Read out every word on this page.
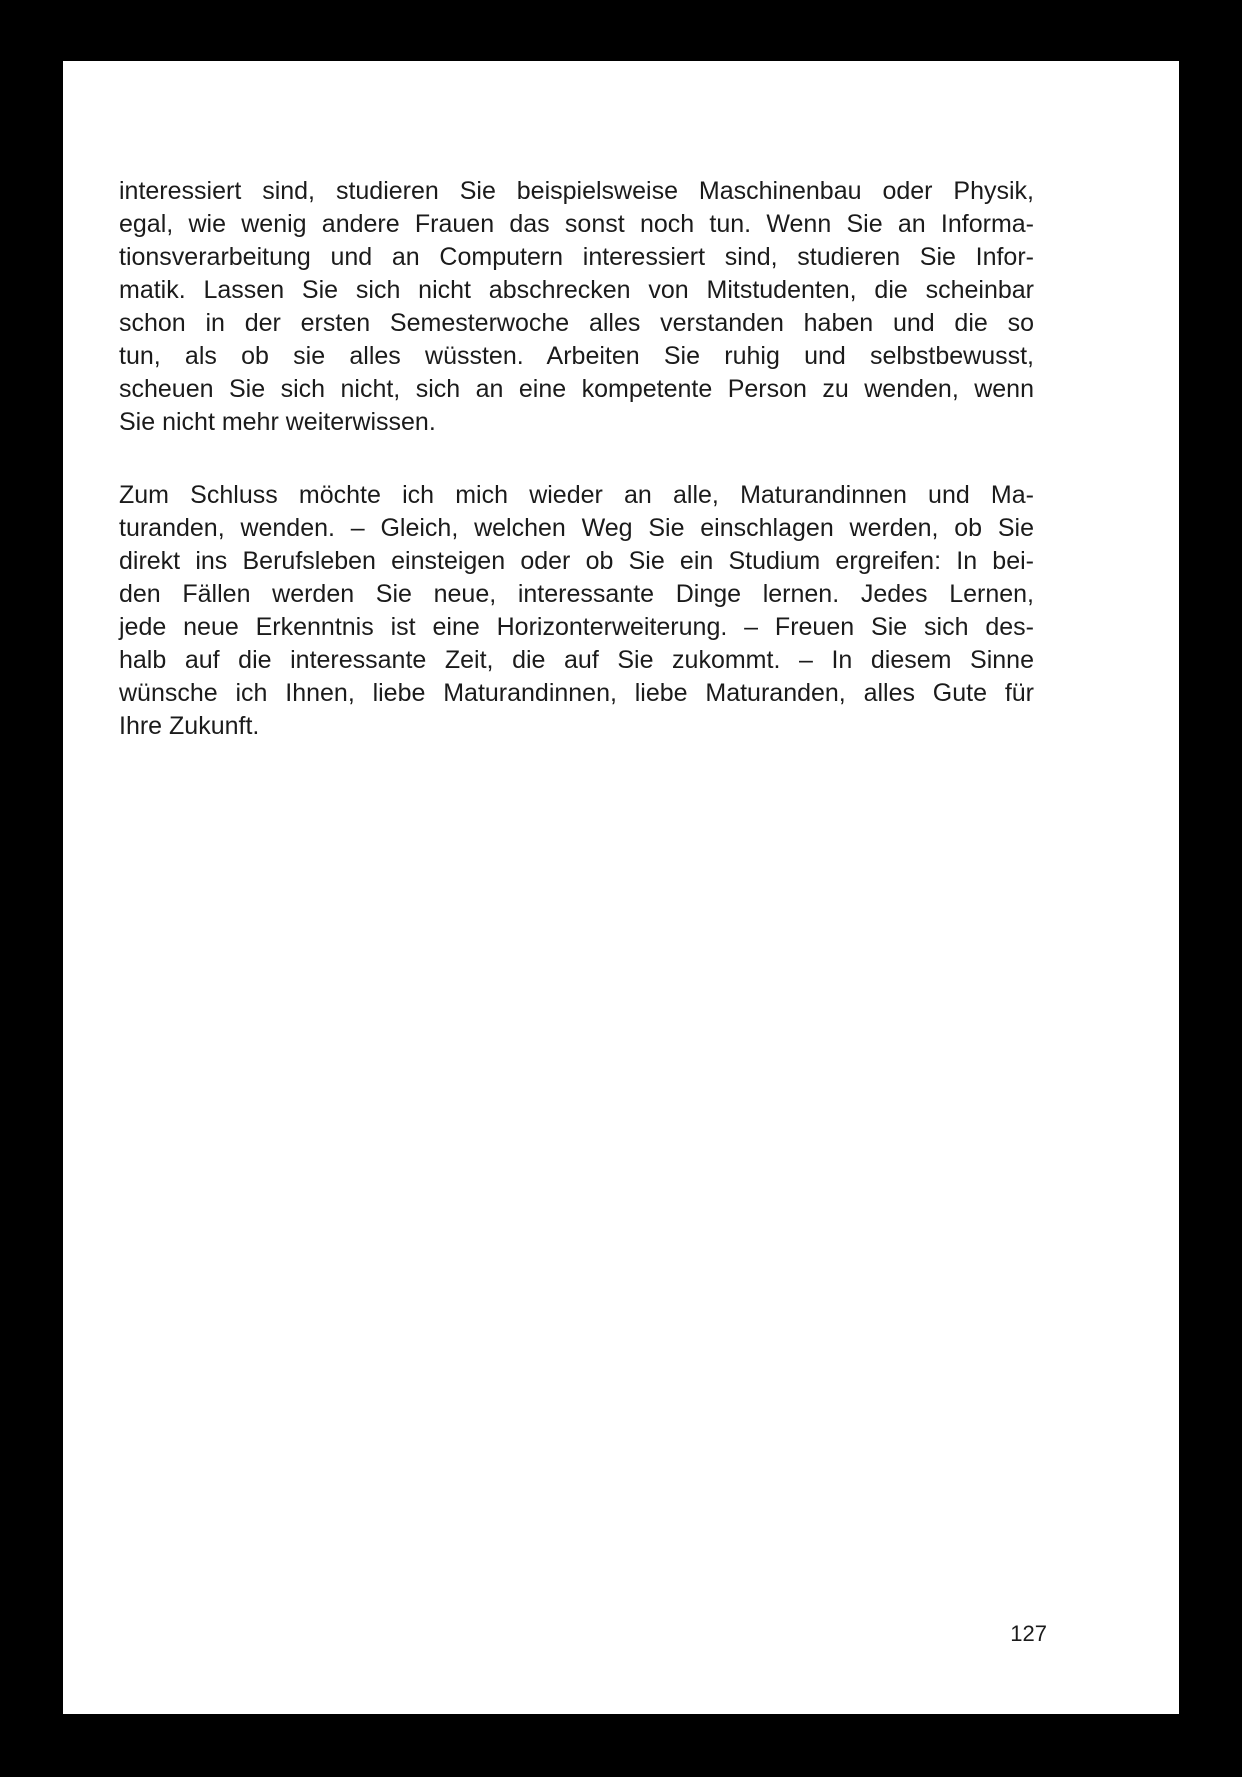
interessiert sind, studieren Sie beispielsweise Maschinenbau oder Physik,
egal, wie wenig andere Frauen das sonst noch tun. Wenn Sie an Informa-
tionsverarbeitung und an Computern interessiert sind, studieren Sie Infor-
matik. Lassen Sie sich nicht abschrecken von Mitstudenten, die scheinbar
schon in der ersten Semesterwoche alles verstanden haben und die so
tun, als ob sie alles wüssten. Arbeiten Sie ruhig und selbstbewusst,
scheuen Sie sich nicht, sich an eine kompetente Person zu wenden, wenn
Sie nicht mehr weiterwissen.
Zum Schluss möchte ich mich wieder an alle, Maturandinnen und Ma-
turanden, wenden. – Gleich, welchen Weg Sie einschlagen werden, ob Sie
direkt ins Berufsleben einsteigen oder ob Sie ein Studium ergreifen: In bei-
den Fällen werden Sie neue, interessante Dinge lernen. Jedes Lernen,
jede neue Erkenntnis ist eine Horizonterweiterung. – Freuen Sie sich des-
halb auf die interessante Zeit, die auf Sie zukommt. – In diesem Sinne
wünsche ich Ihnen, liebe Maturandinnen, liebe Maturanden, alles Gute für
Ihre Zukunft.
127
